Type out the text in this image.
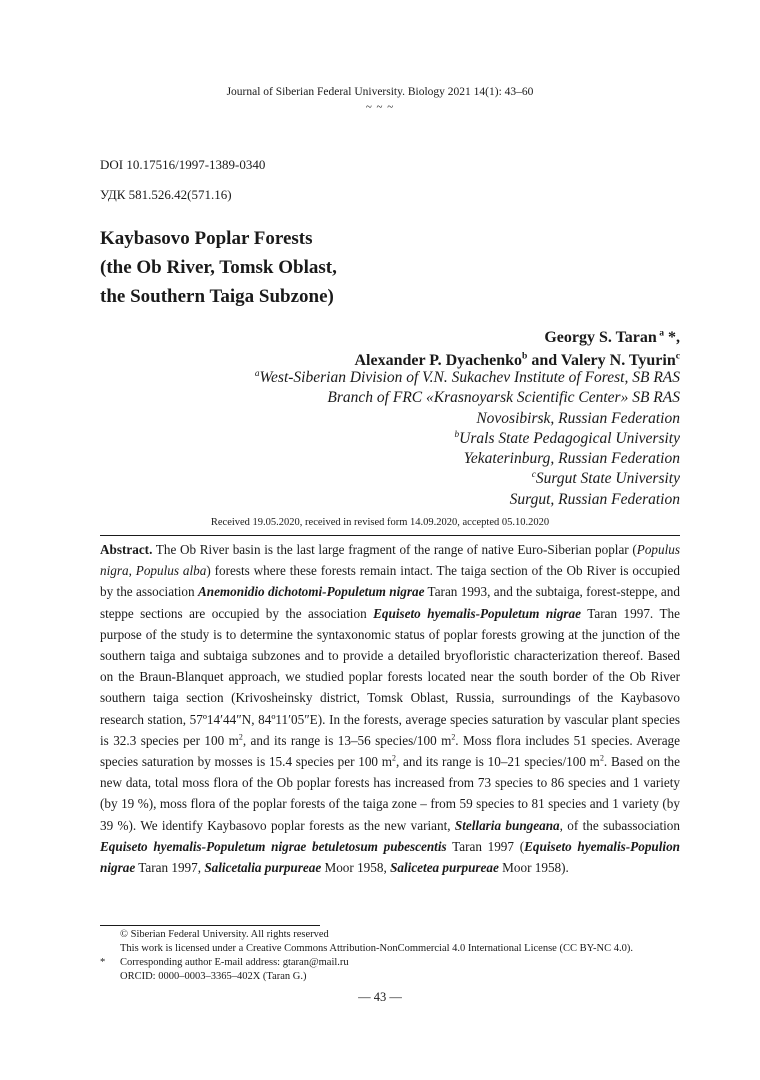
Journal of Siberian Federal University. Biology 2021 14(1): 43–60
~ ~ ~
DOI 10.17516/1997-1389-0340
УДК 581.526.42(571.16)
Kaybasovo Poplar Forests
(the Ob River, Tomsk Oblast,
the Southern Taiga Subzone)
Georgy S. Taran $^a$ *,
Alexander P. Dyachenko$^b$ and Valery N. Tyurin$^c$
$^a$West-Siberian Division of V.N. Sukachev Institute of Forest, SB RAS
Branch of FRC «Krasnoyarsk Scientific Center» SB RAS
Novosibirsk, Russian Federation
$^b$Urals State Pedagogical University
Yekaterinburg, Russian Federation
$^c$Surgut State University
Surgut, Russian Federation
Received 19.05.2020, received in revised form 14.09.2020, accepted 05.10.2020

Abstract. The Ob River basin is the last large fragment of the range of native Euro-Siberian poplar (Populus nigra, Populus alba) forests where these forests remain intact. The taiga section of the Ob River is occupied by the association Anemonidio dichotomi-Populetum nigrae Taran 1993, and the subtaiga, forest-steppe, and steppe sections are occupied by the association Equiseto hyemalis-Populetum nigrae Taran 1997. The purpose of the study is to determine the syntaxonomic status of poplar forests growing at the junction of the southern taiga and subtaiga subzones and to provide a detailed bryofloristic characterization thereof. Based on the Braun-Blanquet approach, we studied poplar forests located near the south border of the Ob River southern taiga section (Krivosheinsky district, Tomsk Oblast, Russia, surroundings of the Kaybasovo research station, 57º14′44″N, 84º11′05″E). In the forests, average species saturation by vascular plant species is 32.3 species per 100 $m^2$, and its range is 13–56 species/100 $m^2$. Moss flora includes 51 species. Average species saturation by mosses is 15.4 species per 100 $m^2$, and its range is 10–21 species/100 $m^2$. Based on the new data, total moss flora of the Ob poplar forests has increased from 73 species to 86 species and 1 variety (by 19 %), moss flora of the poplar forests of the taiga zone – from 59 species to 81 species and 1 variety (by 39 %). We identify Kaybasovo poplar forests as the new variant, Stellaria bungeana, of the subassociation Equiseto hyemalis-Populetum nigrae betuletosum pubescentis Taran 1997 (Equiseto hyemalis-Populion nigrae Taran 1997, Salicetalia purpureae Moor 1958, Salicetea purpureae Moor 1958).

© Siberian Federal University. All rights reserved
This work is licensed under a Creative Commons Attribution-NonCommercial 4.0 International License (CC BY-NC 4.0).
* Corresponding author E-mail address: gtaran@mail.ru
ORCID: 0000–0003–3365–402X (Taran G.)
— 43 —
